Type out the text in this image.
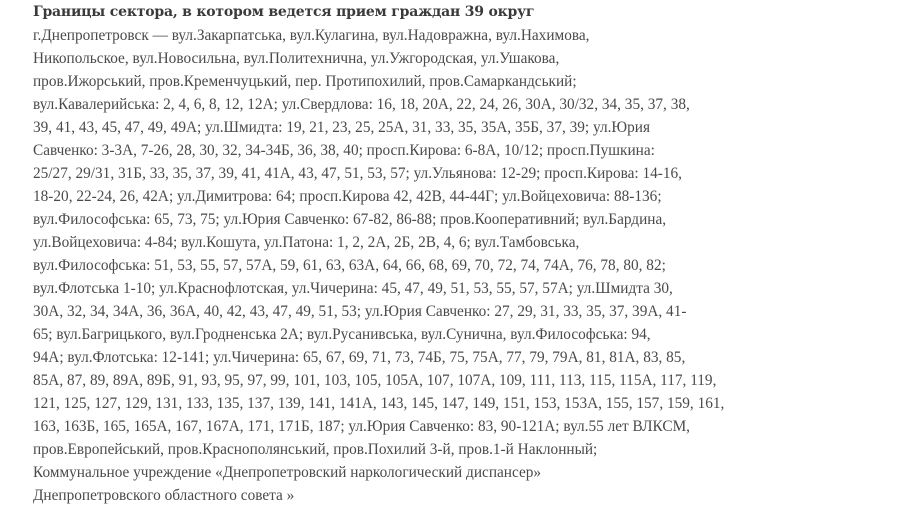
Границы сектора, в котором ведется прием граждан 39 округ
г.Днепропетровск — вул.Закарпатська, вул.Кулагина, вул.Надовражна, вул.Нахимова,
Никопольское, вул.Новосильна, вул.Политехнична, ул.Ужгородская, ул.Ушакова,
пров.Ижорський, пров.Кременчуцький, пер. Протипохилий, пров.Самаркандський;
вул.Кавалерийська: 2, 4, 6, 8, 12, 12А; ул.Свердлова: 16, 18, 20А, 22, 24, 26, 30А, 30/32, 34, 35, 37, 38,
39, 41, 43, 45, 47, 49, 49А; ул.Шмидта: 19, 21, 23, 25, 25А, 31, 33, 35, 35А, 35Б, 37, 39; ул.Юрия
Савченко: 3-3А, 7-26, 28, 30, 32, 34-34Б, 36, 38, 40; просп.Кирова: 6-8А, 10/12; просп.Пушкина:
25/27, 29/31, 31Б, 33, 35, 37, 39, 41, 41А, 43, 47, 51, 53, 57; ул.Ульянова: 12-29; просп.Кирова: 14-16,
18-20, 22-24, 26, 42А; ул.Димитрова: 64; просп.Кирова 42, 42В, 44-44Г; ул.Войцеховича: 88-136;
вул.Философська: 65, 73, 75; ул.Юрия Савченко: 67-82, 86-88; пров.Кооперативний; вул.Бардина,
ул.Войцеховича: 4-84; вул.Кошута, ул.Патона: 1, 2, 2А, 2Б, 2В, 4, 6; вул.Тамбовська,
вул.Философська: 51, 53, 55, 57, 57А, 59, 61, 63, 63А, 64, 66, 68, 69, 70, 72, 74, 74А, 76, 78, 80, 82;
вул.Флотська 1-10; ул.Краснофлотская, ул.Чичерина: 45, 47, 49, 51, 53, 55, 57, 57А; ул.Шмидта 30,
30А, 32, 34, 34А, 36, 36А, 40, 42, 43, 47, 49, 51, 53; ул.Юрия Савченко: 27, 29, 31, 33, 35, 37, 39А, 41-
65; вул.Багрицького, вул.Гродненська 2А; вул.Русанивська, вул.Сунична, вул.Философська: 94,
94А; вул.Флотська: 12-141; ул.Чичерина: 65, 67, 69, 71, 73, 74Б, 75, 75А, 77, 79, 79А, 81, 81А, 83, 85,
85А, 87, 89, 89А, 89Б, 91, 93, 95, 97, 99, 101, 103, 105, 105А, 107, 107А, 109, 111, 113, 115, 115А, 117, 119,
121, 125, 127, 129, 131, 133, 135, 137, 139, 141, 141А, 143, 145, 147, 149, 151, 153, 153А, 155, 157, 159, 161,
163, 163Б, 165, 165А, 167, 167А, 171, 171Б, 187; ул.Юрия Савченко: 83, 90-121А; вул.55 лет ВЛКСМ,
пров.Европейський, пров.Краснополянський, пров.Похилий 3-й, пров.1-й Наклонный;
Коммунальное учреждение «Днепропетровский наркологический диспансер»
Днепропетровского областного совета »
